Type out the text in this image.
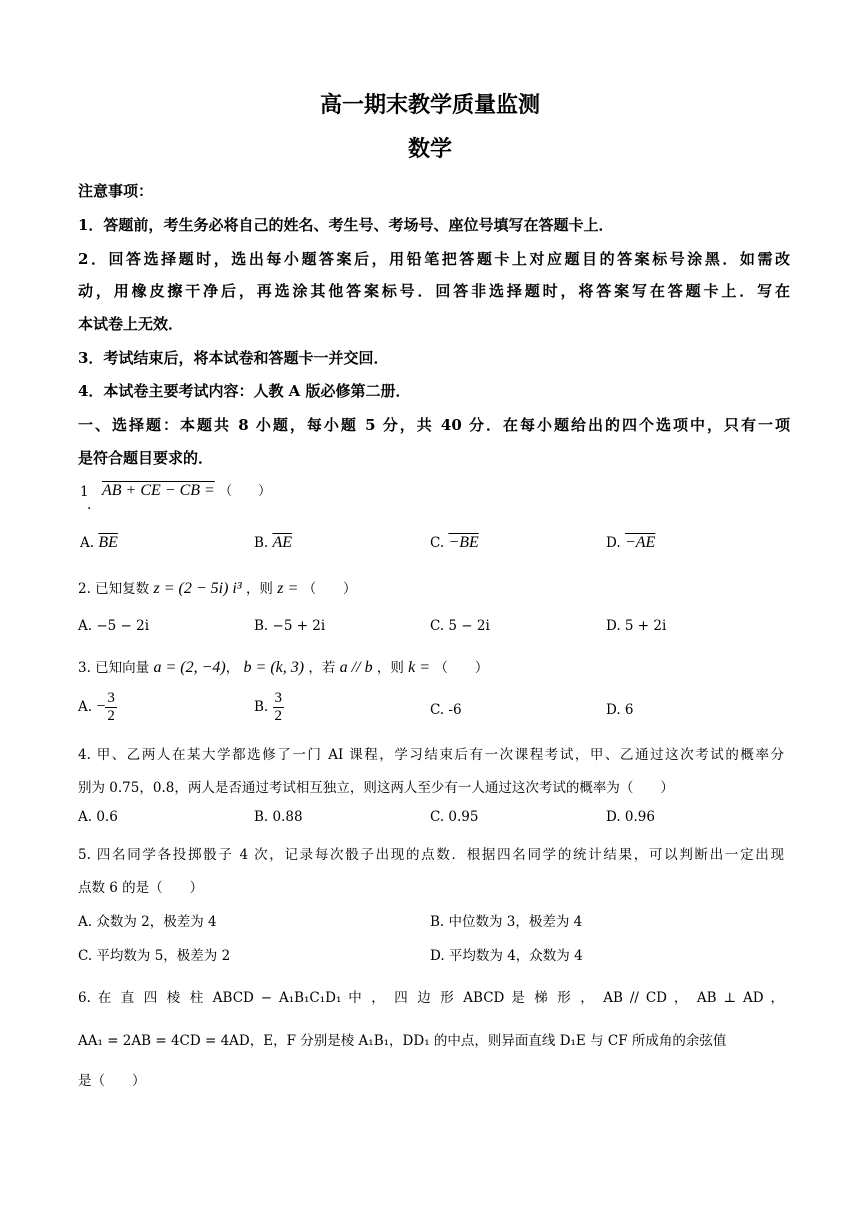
高一期末教学质量监测
数学
注意事项：
1．答题前，考生务必将自己的姓名、考生号、考场号、座位号填写在答题卡上．
2．回答选择题时，选出每小题答案后，用铅笔把答题卡上对应题目的答案标号涂黑．如需改
动，用橡皮擦干净后，再选涂其他答案标号．回答非选择题时，将答案写在答题卡上．写在
本试卷上无效．
3．考试结束后，将本试卷和答题卡一并交回．
4．本试卷主要考试内容：人教 A 版必修第二册．
一、选择题：本题共 8 小题，每小题 5 分，共 40 分．在每小题给出的四个选项中，只有一项
是符合题目要求的．
1
.
AB + CE − CB = （　　）
A. $\overline{BE}$	B. $\overline{AE}$	C. −BE	D. −AE
2. 已知复数 z = (2 − 5i) i³ ，则 z = （　　）
A. −5 − 2i	B. −5 + 2i	C. 5 − 2i	D. 5 + 2i
3. 已知向量 a = (2, −4)， b = (k, 3) ，若 a // b ，则 k = （　　）
A. − $\frac{3}{2}$	B. $\frac{3}{2}$	C. -6	D. 6
4. 甲、乙两人在某大学都选修了一门 AI 课程，学习结束后有一次课程考试，甲、乙通过这次考试的概率分
别为 0.75，0.8，两人是否通过考试相互独立，则这两人至少有一人通过这次考试的概率为（　　）
A. 0.6	B. 0.88	C. 0.95	D. 0.96
5. 四名同学各投掷骰子 4 次，记录每次骰子出现的点数．根据四名同学的统计结果，可以判断出一定出现
点数 6 的是（　　）
A. 众数为 2，极差为 4	B. 中位数为 3，极差为 4
C. 平均数为 5，极差为 2	D. 平均数为 4，众数为 4
6. 在 直 四 棱 柱 ABCD − A₁B₁C₁D₁ 中 ， 四 边 形 ABCD 是 梯 形 ， AB // CD ， AB ⊥ AD ，
AA₁ = 2AB = 4CD = 4AD，E，F 分别是棱 A₁B₁，DD₁ 的中点，则异面直线 D₁E 与 CF 所成角的余弦值
是（　　）
